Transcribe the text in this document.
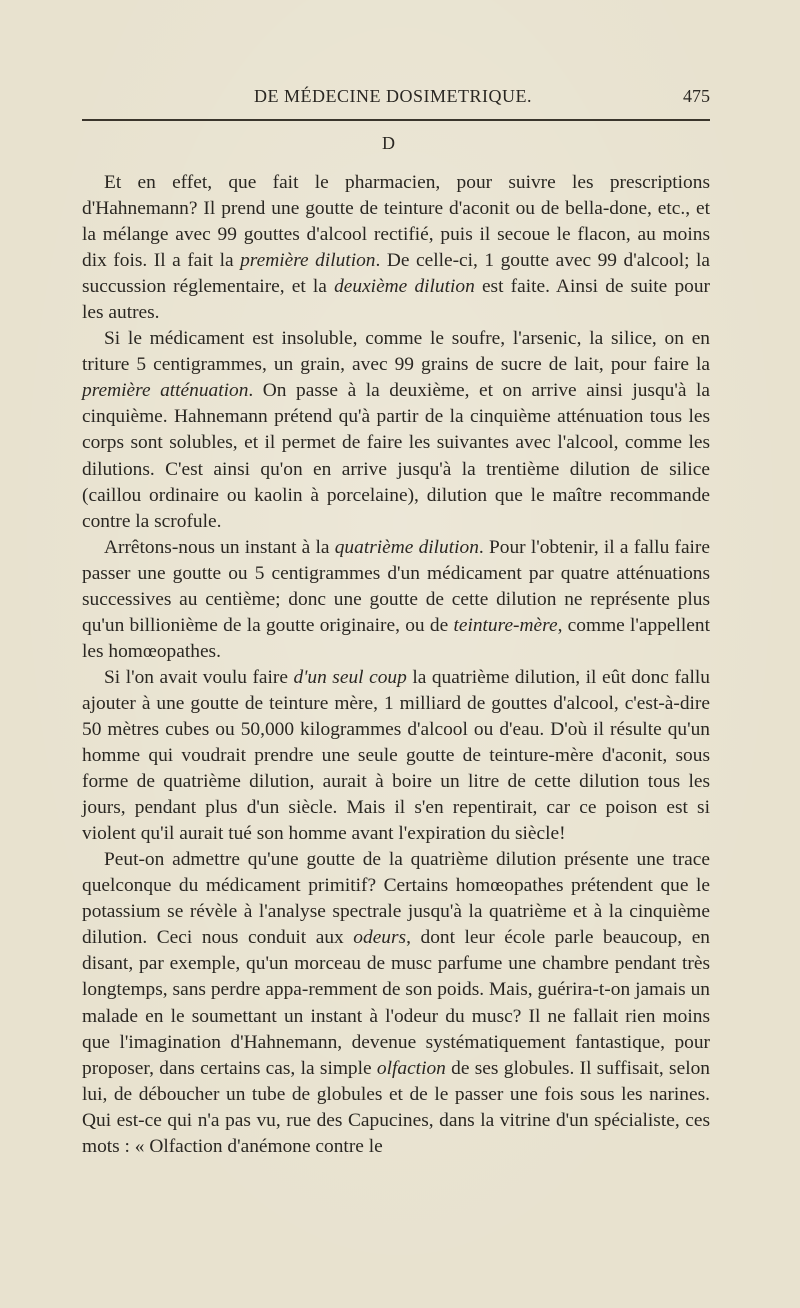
DE MÉDECINE DOSIMETRIQUE.	475
D

Et en effet, que fait le pharmacien, pour suivre les prescriptions d'Hahnemann? Il prend une goutte de teinture d'aconit ou de bella-done, etc., et la mélange avec 99 gouttes d'alcool rectifié, puis il secoue le flacon, au moins dix fois. Il a fait la première dilution. De celle-ci, 1 goutte avec 99 d'alcool; la succussion réglementaire, et la deuxième dilution est faite. Ainsi de suite pour les autres.

Si le médicament est insoluble, comme le soufre, l'arsenic, la silice, on en triture 5 centigrammes, un grain, avec 99 grains de sucre de lait, pour faire la première atténuation. On passe à la deuxième, et on arrive ainsi jusqu'à la cinquième. Hahnemann prétend qu'à partir de la cinquième atténuation tous les corps sont solubles, et il permet de faire les suivantes avec l'alcool, comme les dilutions. C'est ainsi qu'on en arrive jusqu'à la trentième dilution de silice (caillou ordinaire ou kaolin à porcelaine), dilution que le maître recommande contre la scrofule.

Arrêtons-nous un instant à la quatrième dilution. Pour l'obtenir, il a fallu faire passer une goutte ou 5 centigrammes d'un médicament par quatre atténuations successives au centième; donc une goutte de cette dilution ne représente plus qu'un billionième de la goutte originaire, ou de teinture-mère, comme l'appellent les homœopathes.

Si l'on avait voulu faire d'un seul coup la quatrième dilution, il eût donc fallu ajouter à une goutte de teinture mère, 1 milliard de gouttes d'alcool, c'est-à-dire 50 mètres cubes ou 50,000 kilogrammes d'alcool ou d'eau. D'où il résulte qu'un homme qui voudrait prendre une seule goutte de teinture-mère d'aconit, sous forme de quatrième dilution, aurait à boire un litre de cette dilution tous les jours, pendant plus d'un siècle. Mais il s'en repentirait, car ce poison est si violent qu'il aurait tué son homme avant l'expiration du siècle!

Peut-on admettre qu'une goutte de la quatrième dilution présente une trace quelconque du médicament primitif? Certains homœopathes prétendent que le potassium se révèle à l'analyse spectrale jusqu'à la quatrième et à la cinquième dilution. Ceci nous conduit aux odeurs, dont leur école parle beaucoup, en disant, par exemple, qu'un morceau de musc parfume une chambre pendant très longtemps, sans perdre appa-remment de son poids. Mais, guérira-t-on jamais un malade en le soumettant un instant à l'odeur du musc? Il ne fallait rien moins que l'imagination d'Hahnemann, devenue systématiquement fantastique, pour proposer, dans certains cas, la simple olfaction de ses globules. Il suffisait, selon lui, de déboucher un tube de globules et de le passer une fois sous les narines. Qui est-ce qui n'a pas vu, rue des Capucines, dans la vitrine d'un spécialiste, ces mots : « Olfaction d'anémone contre le
